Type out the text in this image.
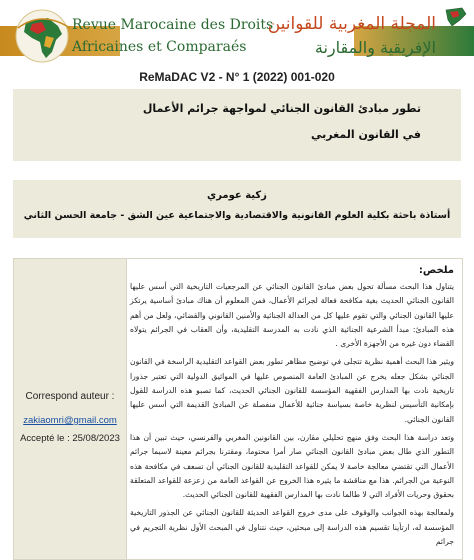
Revue Marocaine des Droits
Africaines et Comparaés
المجلة المغربية للقوانين
الإفريقية والمقارنة
ReMaDAC V2 - N° 1 (2022) 001-020
تطور مبادئ القانون الجنائي لمواجهة جرائم الأعمال
في القانون المغربي
زكية عومري
أستاذة باحثة بكلية العلوم القانونية والاقتصادية والاجتماعية عين الشق - جامعة الحسن الثاني
Correspond auteur :
zakiaomri@gmail.com
Accepté le : 25/08/2023
ملخص:

يتناول هذا البحث مسألة تحول بعض مبادئ القانون الجنائي عن المرجعيات التاريخية التي أسس عليها القانون الجنائي الحديث بغية مكافحة فعالة لجرائم الأعمال، فمن المعلوم أن هناك مبادئ أساسية يرتكز عليها القانون الجنائي والتي تقوم عليها كل من العدالة الجنائية والأمنين القانوني والقضائي، ولعل من أهم هذه المبادئ: مبدأ الشرعية الجنائية الذي نادت به المدرسة التقليدية، وأن العقاب في الجرائم يتولاه القضاء دون غيره من الأجهزة الأخرى .

ويثير هذا البحث أهمية نظرية تتجلى في توضيح مظاهر تطور بعض القواعد التقليدية الراسخة في القانون الجنائي بشكل جعله يخرج عن المبادئ العامة المنصوص عليها في المواثيق الدولية التي تعتبر جذورا تاريخية نادت بها المدارس الفقهية المؤسسة للقانون الجنائي الحديث، كما تصبو هذه الدراسة للقول بإمكانية التأسيس لنظرية خاصة بسياسة جنائية للأعمال منفصلة عن المبادئ القديمة التي أسس عليها القانون الجنائي.

وتعد دراسة هذا البحث وفق منهج تحليلي مقارن، بين القانونين المغربي والفرنسي، حيث تبين أن هذا التطور الذي طال بعض مبادئ القانون الجنائي صار أمرا محتوما، ومقترنا بجرائم معينة لاسيما جرائم الأعمال التي تقتضي معالجة خاصة لا يمكن للقواعد التقليدية للقانون الجنائي أن تسعف في مكافحة هذه النوعية من الجرائم. هذا مع مناقشة ما يثيره هذا الخروج عن القواعد العامة من زعزعة للقواعد المتعلقة بحقوق وحريات الأفراد التي لا طالما نادت بها المدارس الفقهية للقانون الجنائي الحديث.

ولمعالجة بهذه الجوانب والوقوف على مدى خروج القواعد الحديثة للقانون الجنائي عن الجذور التاريخية المؤسسة له، ارتأينا تقسيم هذه الدراسة إلى مبحثين، حيث نتناول في المبحث الأول نظرية التجريم في جرائم
